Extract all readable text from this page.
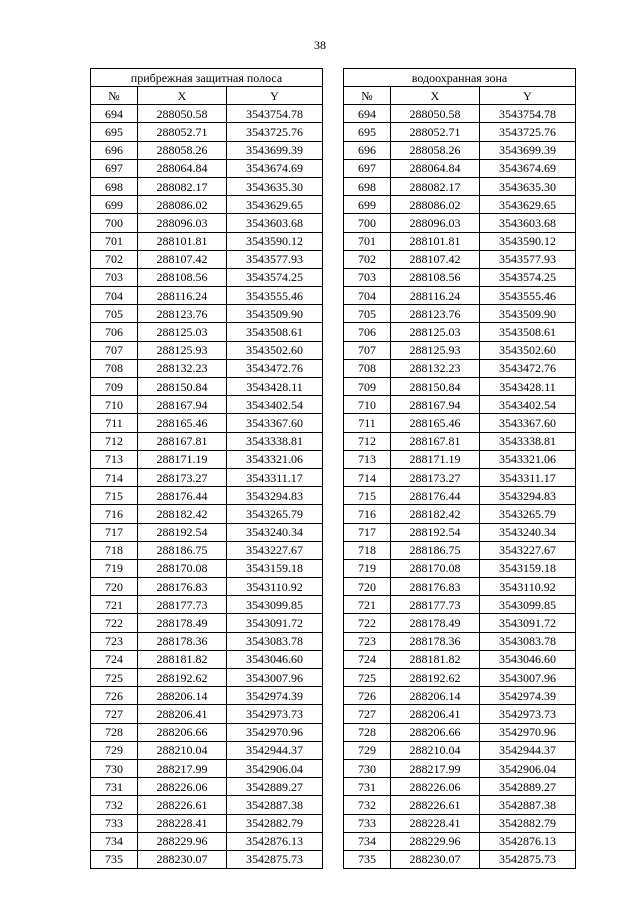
38
прибрежная защитная полоса		
№	X	Y
694	288050.58	3543754.78
695	288052.71	3543725.76
696	288058.26	3543699.39
697	288064.84	3543674.69
698	288082.17	3543635.30
699	288086.02	3543629.65
700	288096.03	3543603.68
701	288101.81	3543590.12
702	288107.42	3543577.93
703	288108.56	3543574.25
704	288116.24	3543555.46
705	288123.76	3543509.90
706	288125.03	3543508.61
707	288125.93	3543502.60
708	288132.23	3543472.76
709	288150.84	3543428.11
710	288167.94	3543402.54
711	288165.46	3543367.60
712	288167.81	3543338.81
713	288171.19	3543321.06
714	288173.27	3543311.17
715	288176.44	3543294.83
716	288182.42	3543265.79
717	288192.54	3543240.34
718	288186.75	3543227.67
719	288170.08	3543159.18
720	288176.83	3543110.92
721	288177.73	3543099.85
722	288178.49	3543091.72
723	288178.36	3543083.78
724	288181.82	3543046.60
725	288192.62	3543007.96
726	288206.14	3542974.39
727	288206.41	3542973.73
728	288206.66	3542970.96
729	288210.04	3542944.37
730	288217.99	3542906.04
731	288226.06	3542889.27
732	288226.61	3542887.38
733	288228.41	3542882.79
734	288229.96	3542876.13
735	288230.07	3542875.73
водоохранная зона		
№	X	Y
694	288050.58	3543754.78
695	288052.71	3543725.76
696	288058.26	3543699.39
697	288064.84	3543674.69
698	288082.17	3543635.30
699	288086.02	3543629.65
700	288096.03	3543603.68
701	288101.81	3543590.12
702	288107.42	3543577.93
703	288108.56	3543574.25
704	288116.24	3543555.46
705	288123.76	3543509.90
706	288125.03	3543508.61
707	288125.93	3543502.60
708	288132.23	3543472.76
709	288150.84	3543428.11
710	288167.94	3543402.54
711	288165.46	3543367.60
712	288167.81	3543338.81
713	288171.19	3543321.06
714	288173.27	3543311.17
715	288176.44	3543294.83
716	288182.42	3543265.79
717	288192.54	3543240.34
718	288186.75	3543227.67
719	288170.08	3543159.18
720	288176.83	3543110.92
721	288177.73	3543099.85
722	288178.49	3543091.72
723	288178.36	3543083.78
724	288181.82	3543046.60
725	288192.62	3543007.96
726	288206.14	3542974.39
727	288206.41	3542973.73
728	288206.66	3542970.96
729	288210.04	3542944.37
730	288217.99	3542906.04
731	288226.06	3542889.27
732	288226.61	3542887.38
733	288228.41	3542882.79
734	288229.96	3542876.13
735	288230.07	3542875.73
